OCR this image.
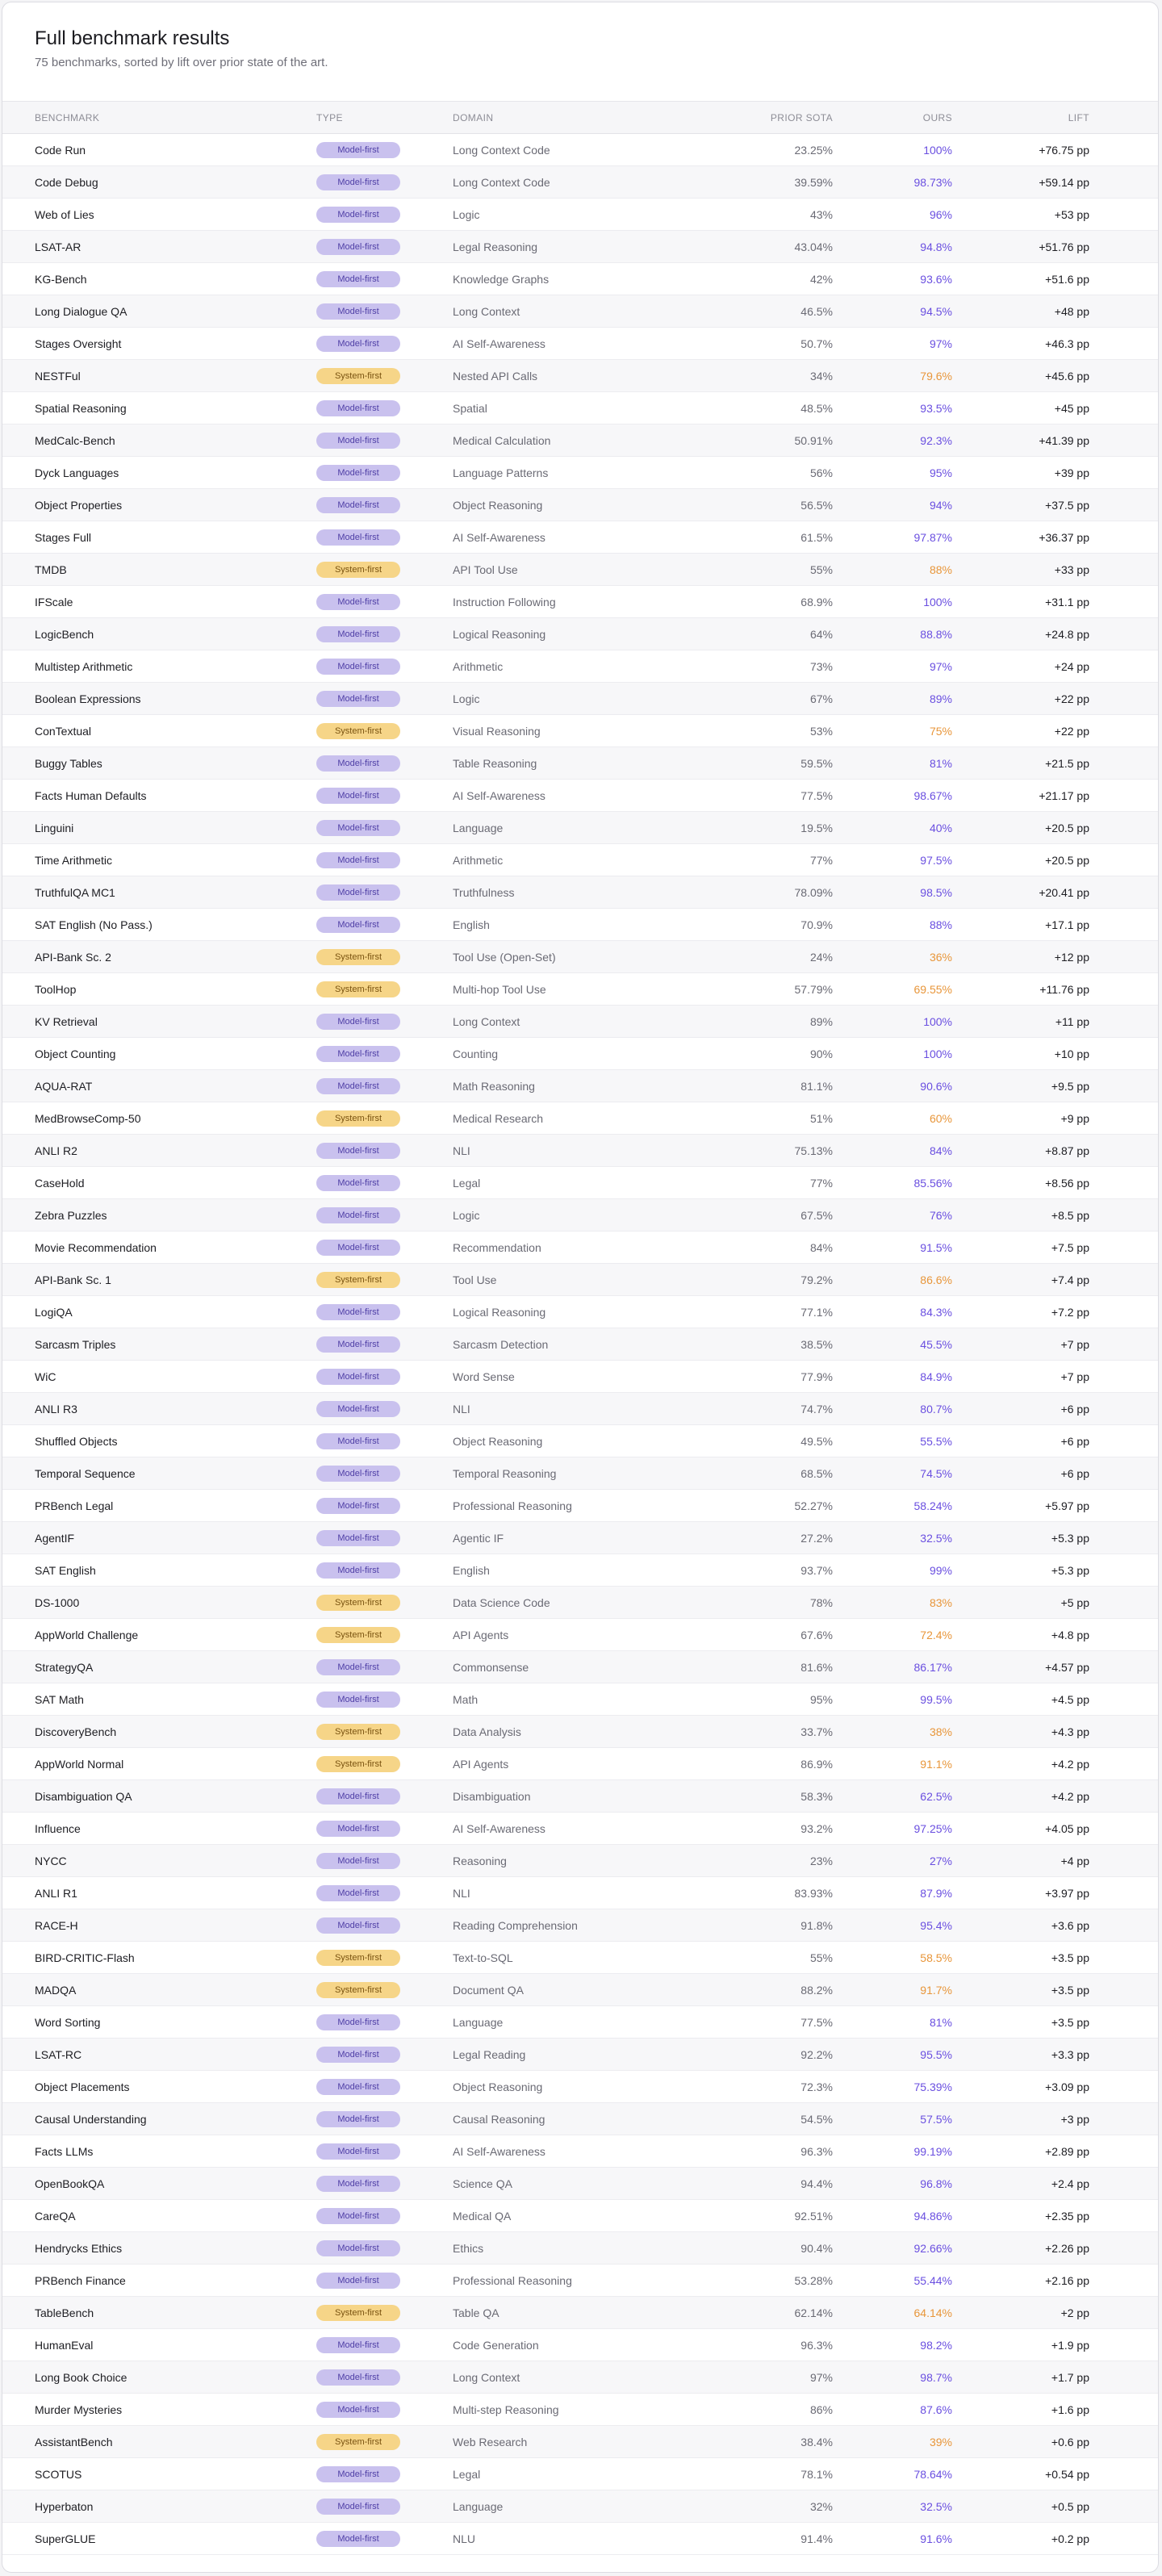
Full benchmark results
75 benchmarks, sorted by lift over prior state of the art.
BENCHMARK	TYPE	DOMAIN	PRIOR SOTA	OURS	LIFT	
Code Run	Model-first	Long Context Code	23.25%	100%	+76.75 pp	
Code Debug	Model-first	Long Context Code	39.59%	98.73%	+59.14 pp	
Web of Lies	Model-first	Logic	43%	96%	+53 pp	
LSAT-AR	Model-first	Legal Reasoning	43.04%	94.8%	+51.76 pp	
KG-Bench	Model-first	Knowledge Graphs	42%	93.6%	+51.6 pp	
Long Dialogue QA	Model-first	Long Context	46.5%	94.5%	+48 pp	
Stages Oversight	Model-first	AI Self-Awareness	50.7%	97%	+46.3 pp	
NESTFul	System-first	Nested API Calls	34%	79.6%	+45.6 pp	
Spatial Reasoning	Model-first	Spatial	48.5%	93.5%	+45 pp	
MedCalc-Bench	Model-first	Medical Calculation	50.91%	92.3%	+41.39 pp	
Dyck Languages	Model-first	Language Patterns	56%	95%	+39 pp	
Object Properties	Model-first	Object Reasoning	56.5%	94%	+37.5 pp	
Stages Full	Model-first	AI Self-Awareness	61.5%	97.87%	+36.37 pp	
TMDB	System-first	API Tool Use	55%	88%	+33 pp	
IFScale	Model-first	Instruction Following	68.9%	100%	+31.1 pp	
LogicBench	Model-first	Logical Reasoning	64%	88.8%	+24.8 pp	
Multistep Arithmetic	Model-first	Arithmetic	73%	97%	+24 pp	
Boolean Expressions	Model-first	Logic	67%	89%	+22 pp	
ConTextual	System-first	Visual Reasoning	53%	75%	+22 pp	
Buggy Tables	Model-first	Table Reasoning	59.5%	81%	+21.5 pp	
Facts Human Defaults	Model-first	AI Self-Awareness	77.5%	98.67%	+21.17 pp	
Linguini	Model-first	Language	19.5%	40%	+20.5 pp	
Time Arithmetic	Model-first	Arithmetic	77%	97.5%	+20.5 pp	
TruthfulQA MC1	Model-first	Truthfulness	78.09%	98.5%	+20.41 pp	
SAT English (No Pass.)	Model-first	English	70.9%	88%	+17.1 pp	
API-Bank Sc. 2	System-first	Tool Use (Open-Set)	24%	36%	+12 pp	
ToolHop	System-first	Multi-hop Tool Use	57.79%	69.55%	+11.76 pp	
KV Retrieval	Model-first	Long Context	89%	100%	+11 pp	
Object Counting	Model-first	Counting	90%	100%	+10 pp	
AQUA-RAT	Model-first	Math Reasoning	81.1%	90.6%	+9.5 pp	
MedBrowseComp-50	System-first	Medical Research	51%	60%	+9 pp	
ANLI R2	Model-first	NLI	75.13%	84%	+8.87 pp	
CaseHold	Model-first	Legal	77%	85.56%	+8.56 pp	
Zebra Puzzles	Model-first	Logic	67.5%	76%	+8.5 pp	
Movie Recommendation	Model-first	Recommendation	84%	91.5%	+7.5 pp	
API-Bank Sc. 1	System-first	Tool Use	79.2%	86.6%	+7.4 pp	
LogiQA	Model-first	Logical Reasoning	77.1%	84.3%	+7.2 pp	
Sarcasm Triples	Model-first	Sarcasm Detection	38.5%	45.5%	+7 pp	
WiC	Model-first	Word Sense	77.9%	84.9%	+7 pp	
ANLI R3	Model-first	NLI	74.7%	80.7%	+6 pp	
Shuffled Objects	Model-first	Object Reasoning	49.5%	55.5%	+6 pp	
Temporal Sequence	Model-first	Temporal Reasoning	68.5%	74.5%	+6 pp	
PRBench Legal	Model-first	Professional Reasoning	52.27%	58.24%	+5.97 pp	
AgentIF	Model-first	Agentic IF	27.2%	32.5%	+5.3 pp	
SAT English	Model-first	English	93.7%	99%	+5.3 pp	
DS-1000	System-first	Data Science Code	78%	83%	+5 pp	
AppWorld Challenge	System-first	API Agents	67.6%	72.4%	+4.8 pp	
StrategyQA	Model-first	Commonsense	81.6%	86.17%	+4.57 pp	
SAT Math	Model-first	Math	95%	99.5%	+4.5 pp	
DiscoveryBench	System-first	Data Analysis	33.7%	38%	+4.3 pp	
AppWorld Normal	System-first	API Agents	86.9%	91.1%	+4.2 pp	
Disambiguation QA	Model-first	Disambiguation	58.3%	62.5%	+4.2 pp	
Influence	Model-first	AI Self-Awareness	93.2%	97.25%	+4.05 pp	
NYCC	Model-first	Reasoning	23%	27%	+4 pp	
ANLI R1	Model-first	NLI	83.93%	87.9%	+3.97 pp	
RACE-H	Model-first	Reading Comprehension	91.8%	95.4%	+3.6 pp	
BIRD-CRITIC-Flash	System-first	Text-to-SQL	55%	58.5%	+3.5 pp	
MADQA	System-first	Document QA	88.2%	91.7%	+3.5 pp	
Word Sorting	Model-first	Language	77.5%	81%	+3.5 pp	
LSAT-RC	Model-first	Legal Reading	92.2%	95.5%	+3.3 pp	
Object Placements	Model-first	Object Reasoning	72.3%	75.39%	+3.09 pp	
Causal Understanding	Model-first	Causal Reasoning	54.5%	57.5%	+3 pp	
Facts LLMs	Model-first	AI Self-Awareness	96.3%	99.19%	+2.89 pp	
OpenBookQA	Model-first	Science QA	94.4%	96.8%	+2.4 pp	
CareQA	Model-first	Medical QA	92.51%	94.86%	+2.35 pp	
Hendrycks Ethics	Model-first	Ethics	90.4%	92.66%	+2.26 pp	
PRBench Finance	Model-first	Professional Reasoning	53.28%	55.44%	+2.16 pp	
TableBench	System-first	Table QA	62.14%	64.14%	+2 pp	
HumanEval	Model-first	Code Generation	96.3%	98.2%	+1.9 pp	
Long Book Choice	Model-first	Long Context	97%	98.7%	+1.7 pp	
Murder Mysteries	Model-first	Multi-step Reasoning	86%	87.6%	+1.6 pp	
AssistantBench	System-first	Web Research	38.4%	39%	+0.6 pp	
SCOTUS	Model-first	Legal	78.1%	78.64%	+0.54 pp	
Hyperbaton	Model-first	Language	32%	32.5%	+0.5 pp	
SuperGLUE	Model-first	NLU	91.4%	91.6%	+0.2 pp	
